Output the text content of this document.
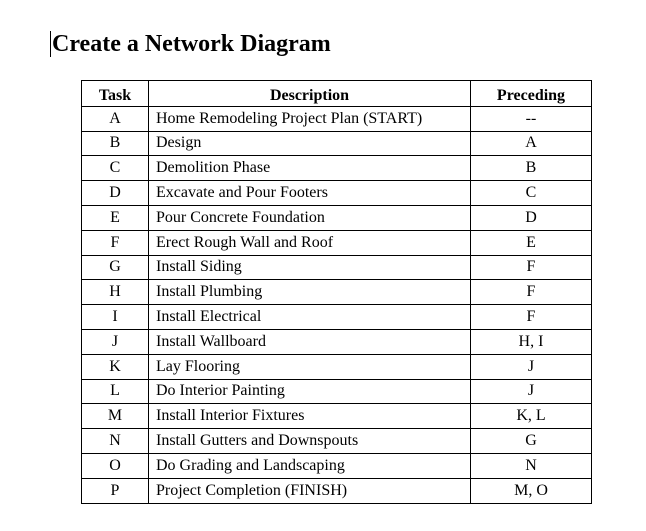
Create a Network Diagram
Task	Description	Preceding
A	Home Remodeling Project Plan (START)	--
B	Design	A
C	Demolition Phase	B
D	Excavate and Pour Footers	C
E	Pour Concrete Foundation	D
F	Erect Rough Wall and Roof	E
G	Install Siding	F
H	Install Plumbing	F
I	Install Electrical	F
J	Install Wallboard	H, I
K	Lay Flooring	J
L	Do Interior Painting	J
M	Install Interior Fixtures	K, L
N	Install Gutters and Downspouts	G
O	Do Grading and Landscaping	N
P	Project Completion (FINISH)	M, O
